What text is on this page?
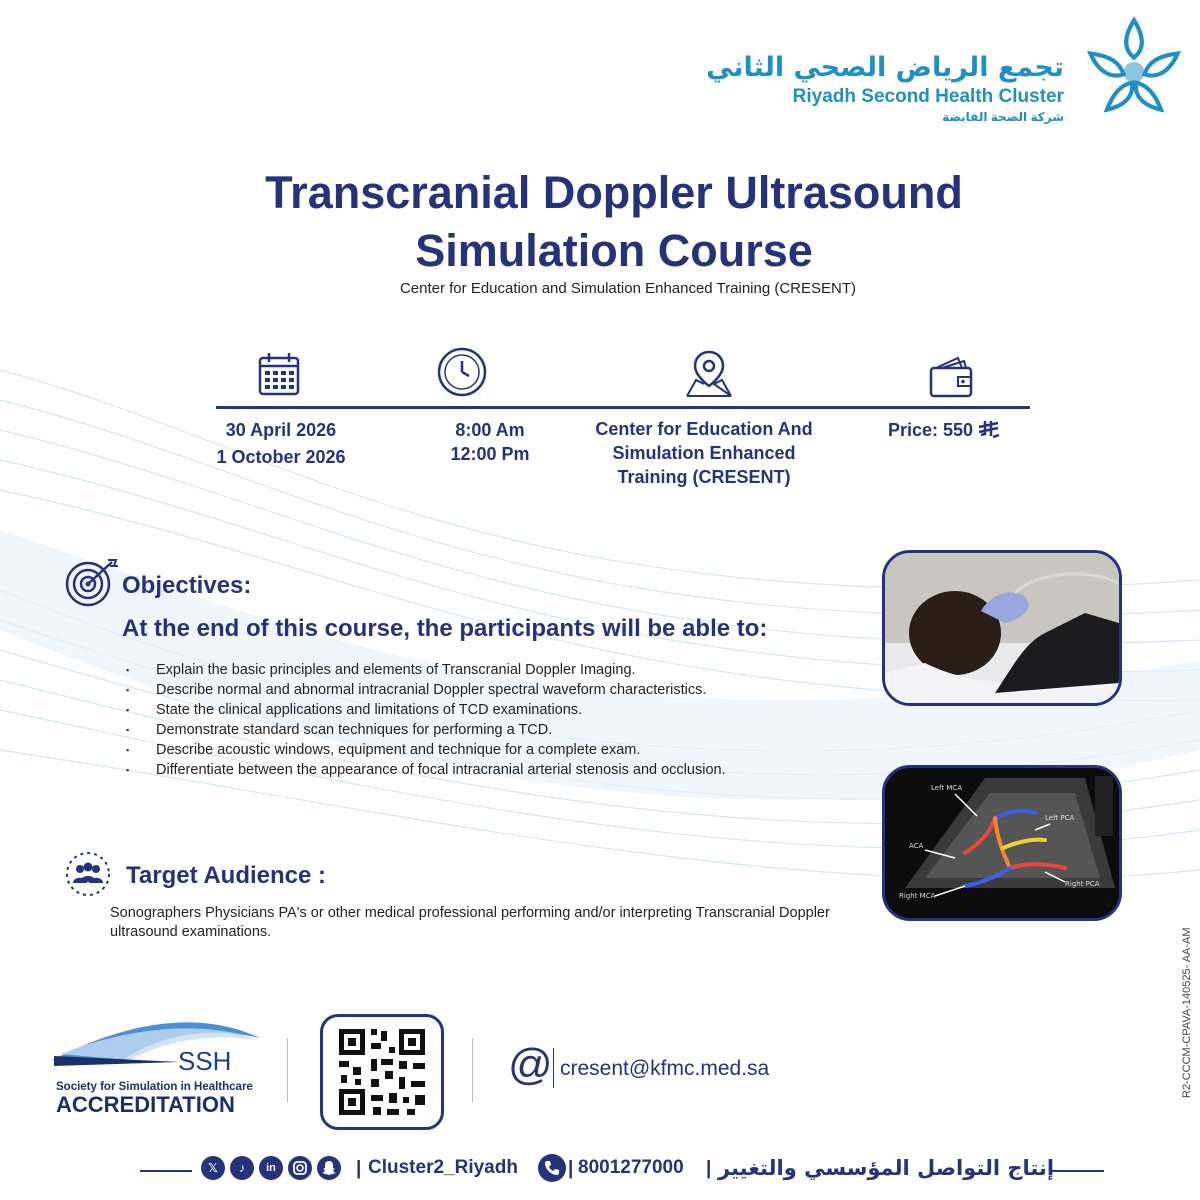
تجمع الرياض الصحي الثاني
Riyadh Second Health Cluster
شركة الصحة القابضة
Transcranial Doppler Ultrasound
Simulation Course
Center for Education and Simulation Enhanced Training (CRESENT)
30 April 2026
1 October 2026
8:00 Am
12:00 Pm
Center for Education And
Simulation Enhanced
Training (CRESENT)
Price: 550
Objectives:
At the end of this course, the participants will be able to:
▪ Explain the basic principles and elements of Transcranial Doppler Imaging.
▪ Describe normal and abnormal intracranial Doppler spectral waveform characteristics.
▪ State the clinical applications and limitations of TCD examinations.
▪ Demonstrate standard scan techniques for performing a TCD.
▪ Describe acoustic windows, equipment and technique for a complete exam.
▪ Differentiate between the appearance of focal intracranial arterial stenosis and occlusion.
Left MCA
Left PCA
ACA
Right PCA
Right MCA
Target Audience :
Sonographers Physicians PA's or other medical professional performing and/or interpreting Transcranial Doppler ultrasound examinations.	R2-CCCM-CPAVA-140525- AA-AM
SSH
Society for Simulation in Healthcare
ACCREDITATION
@ cresent@kfmc.med.sa
𝕏	♪	in	| Cluster2_Riyadh	| 8001277000 | إنتاج التواصل المؤسسي والتغيير
